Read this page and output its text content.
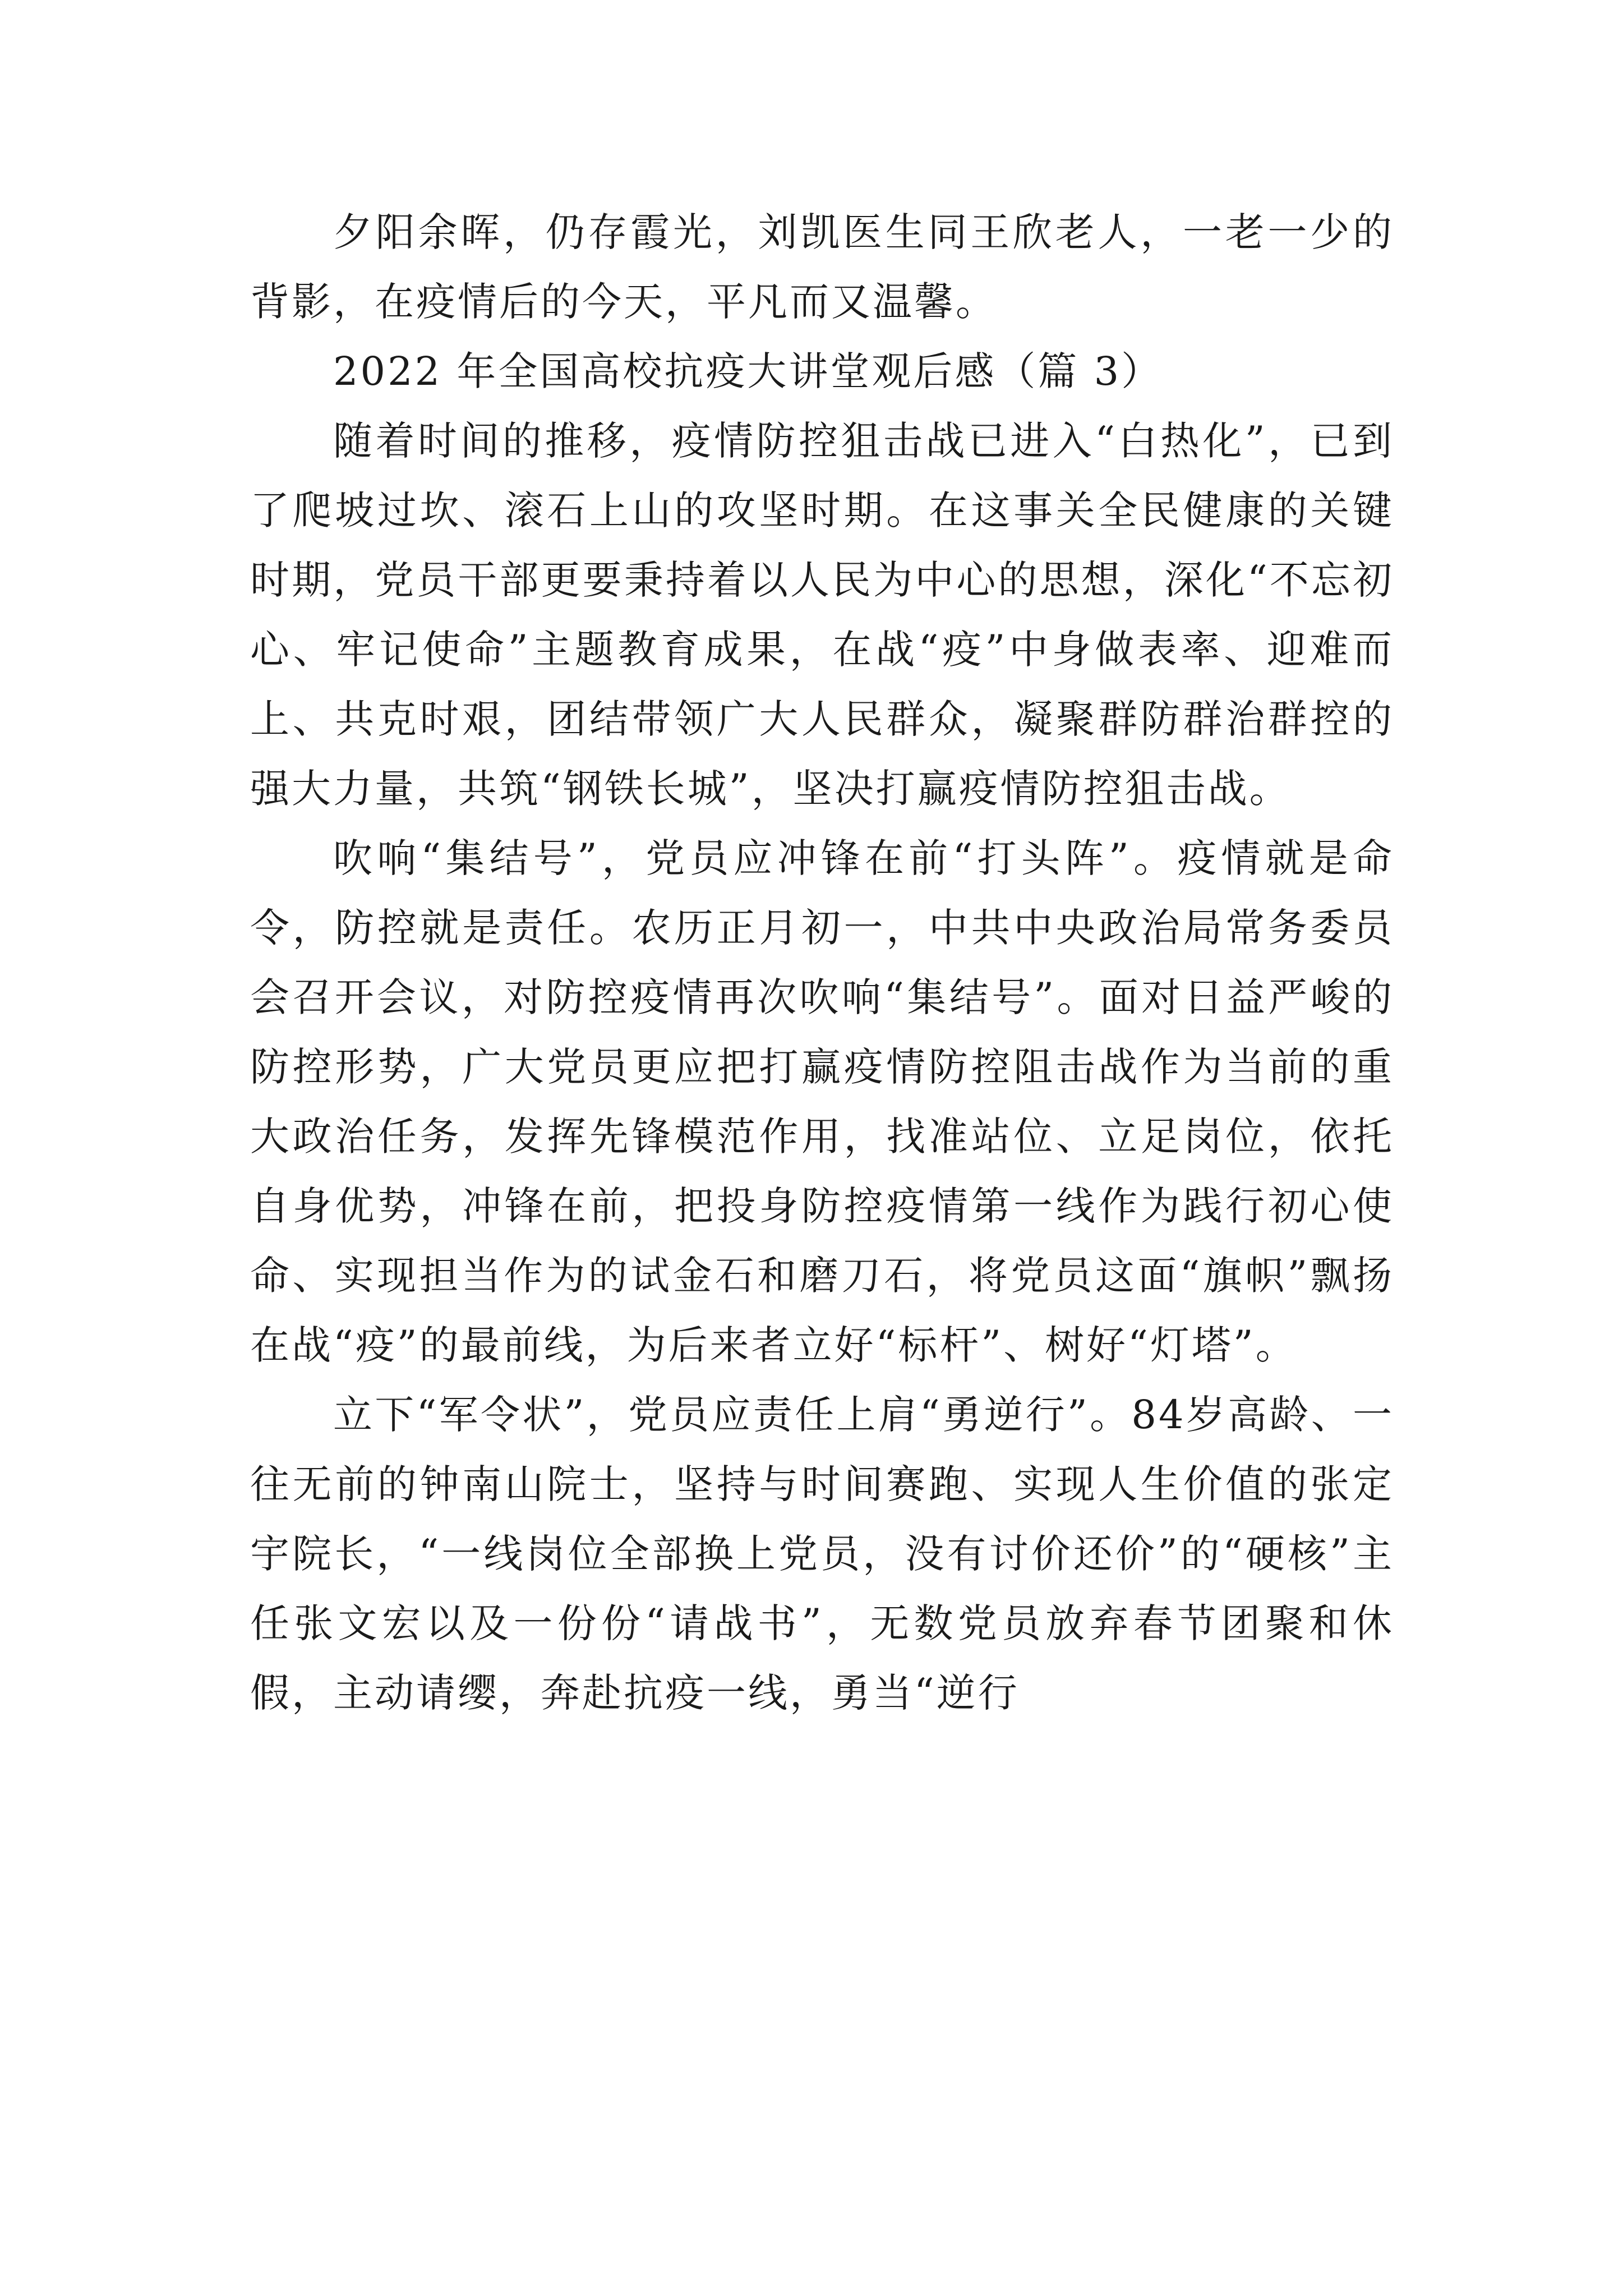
夕阳余晖，仍存霞光，刘凯医生同王欣老人，一老一少的背影，在疫情后的今天，平凡而又温馨。

2022 年全国高校抗疫大讲堂观后感（篇 3）

随着时间的推移，疫情防控狙击战已进入“白热化”，已到了爬坡过坎、滚石上山的攻坚时期。在这事关全民健康的关键时期，党员干部更要秉持着以人民为中心的思想，深化“不忘初心、牢记使命”主题教育成果，在战“疫”中身做表率、迎难而上、共克时艰，团结带领广大人民群众，凝聚群防群治群控的强大力量，共筑“钢铁长城”，坚决打赢疫情防控狙击战。

吹响“集结号”，党员应冲锋在前“打头阵”。疫情就是命令，防控就是责任。农历正月初一，中共中央政治局常务委员会召开会议，对防控疫情再次吹响“集结号”。面对日益严峻的防控形势，广大党员更应把打赢疫情防控阻击战作为当前的重大政治任务，发挥先锋模范作用，找准站位、立足岗位，依托自身优势，冲锋在前，把投身防控疫情第一线作为践行初心使命、实现担当作为的试金石和磨刀石，将党员这面“旗帜”飘扬在战“疫”的最前线，为后来者立好“标杆”、树好“灯塔”。

立下“军令状”，党员应责任上肩“勇逆行”。84岁高龄、一往无前的钟南山院士，坚持与时间赛跑、实现人生价值的张定宇院长，“一线岗位全部换上党员，没有讨价还价”的“硬核”主任张文宏以及一份份“请战书”，无数党员放弃春节团聚和休假，主动请缨，奔赴抗疫一线，勇当“逆行
